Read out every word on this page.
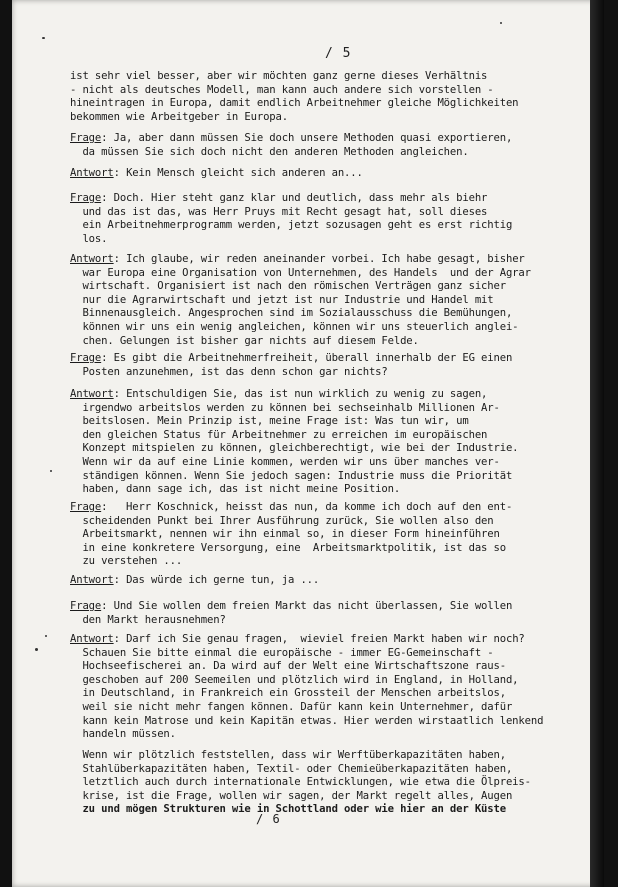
/ 5
ist sehr viel besser, aber wir möchten ganz gerne dieses Verhältnis
- nicht als deutsches Modell, man kann auch andere sich vorstellen -
hineintragen in Europa, damit endlich Arbeitnehmer gleiche Möglichkeiten
bekommen wie Arbeitgeber in Europa.
Frage: Ja, aber dann müssen Sie doch unsere Methoden quasi exportieren,
da müssen Sie sich doch nicht den anderen Methoden angleichen.
Antwort: Kein Mensch gleicht sich anderen an...
Frage: Doch. Hier steht ganz klar und deutlich, dass mehr als biehr
und das ist das, was Herr Pruys mit Recht gesagt hat, soll dieses
ein Arbeitnehmerprogramm werden, jetzt sozusagen geht es erst richtig
los.
Antwort: Ich glaube, wir reden aneinander vorbei. Ich habe gesagt, bisher
war Europa eine Organisation von Unternehmen, des Handels  und der Agrar
wirtschaft. Organisiert ist nach den römischen Verträgen ganz sicher
nur die Agrarwirtschaft und jetzt ist nur Industrie und Handel mit
Binnenausgleich. Angesprochen sind im Sozialausschuss die Bemühungen,
können wir uns ein wenig angleichen, können wir uns steuerlich anglei-
chen. Gelungen ist bisher gar nichts auf diesem Felde.
Frage: Es gibt die Arbeitnehmerfreiheit, überall innerhalb der EG einen
Posten anzunehmen, ist das denn schon gar nichts?
Antwort: Entschuldigen Sie, das ist nun wirklich zu wenig zu sagen,
irgendwo arbeitslos werden zu können bei sechseinhalb Millionen Ar-
beitslosen. Mein Prinzip ist, meine Frage ist: Was tun wir, um
den gleichen Status für Arbeitnehmer zu erreichen im europäischen
Konzept mitspielen zu können, gleichberechtigt, wie bei der Industrie.
Wenn wir da auf eine Linie kommen, werden wir uns über manches ver-
ständigen können. Wenn Sie jedoch sagen: Industrie muss die Priorität
haben, dann sage ich, das ist nicht meine Position.
Frage:   Herr Koschnick, heisst das nun, da komme ich doch auf den ent-
scheidenden Punkt bei Ihrer Ausführung zurück, Sie wollen also den
Arbeitsmarkt, nennen wir ihn einmal so, in dieser Form hineinführen
in eine konkretere Versorgung, eine  Arbeitsmarktpolitik, ist das so
zu verstehen ...
Antwort: Das würde ich gerne tun, ja ...
Frage: Und Sie wollen dem freien Markt das nicht überlassen, Sie wollen
den Markt herausnehmen?
Antwort: Darf ich Sie genau fragen,  wieviel freien Markt haben wir noch?
Schauen Sie bitte einmal die europäische - immer EG-Gemeinschaft -
Hochseefischerei an. Da wird auf der Welt eine Wirtschaftszone raus-
geschoben auf 200 Seemeilen und plötzlich wird in England, in Holland,
in Deutschland, in Frankreich ein Grossteil der Menschen arbeitslos,
weil sie nicht mehr fangen können. Dafür kann kein Unternehmer, dafür
kann kein Matrose und kein Kapitän etwas. Hier werden wirstaatlich lenkend
handeln müssen.
Wenn wir plötzlich feststellen, dass wir Werftüberkapazitäten haben,
Stahlüberkapazitäten haben, Textil- oder Chemieüberkapazitäten haben,
letztlich auch durch internationale Entwicklungen, wie etwa die Ölpreis-
krise, ist die Frage, wollen wir sagen, der Markt regelt alles, Augen
zu und mögen Strukturen wie in Schottland oder wie hier an der Küste
/ 6
